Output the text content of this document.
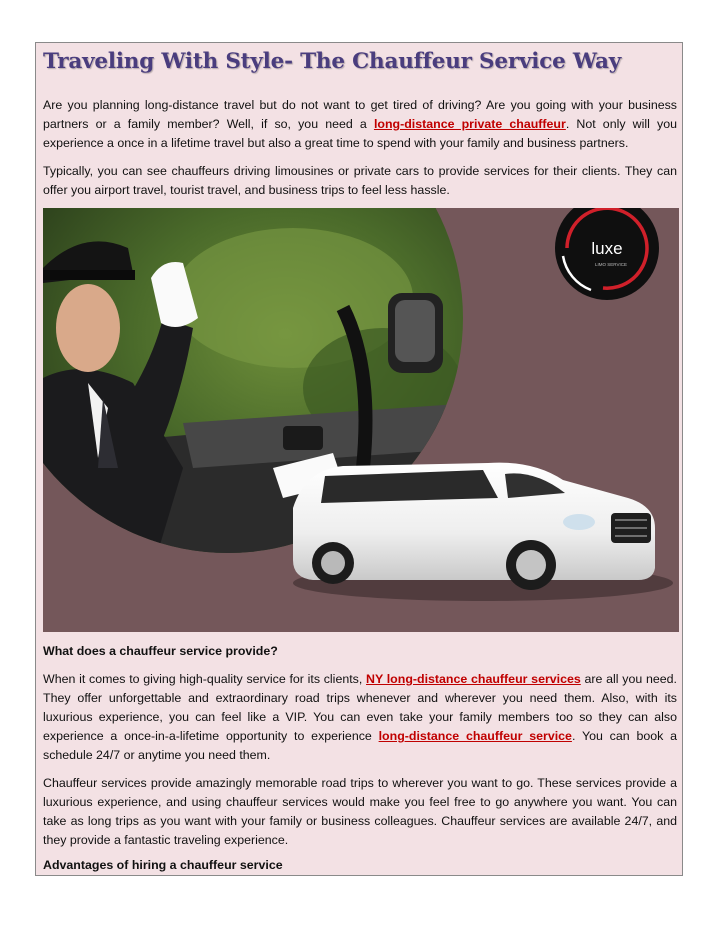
Traveling With Style- The Chauffeur Service Way

Are you planning long-distance travel but do not want to get tired of driving? Are you going with your business partners or a family member? Well, if so, you need a long-distance private chauffeur. Not only will you experience a once in a lifetime travel but also a great time to spend with your family and business partners.

Typically, you can see chauffeurs driving limousines or private cars to provide services for their clients. They can offer you airport travel, tourist travel, and business trips to feel less hassle.

luxe
LIMO SERVICE

What does a chauffeur service provide?

When it comes to giving high-quality service for its clients, NY long-distance chauffeur services are all you need. They offer unforgettable and extraordinary road trips whenever and wherever you need them. Also, with its luxurious experience, you can feel like a VIP. You can even take your family members too so they can also experience a once-in-a-lifetime opportunity to experience long-distance chauffeur service. You can book a schedule 24/7 or anytime you need them.

Chauffeur services provide amazingly memorable road trips to wherever you want to go. These services provide a luxurious experience, and using chauffeur services would make you feel free to go anywhere you want. You can take as long trips as you want with your family or business colleagues. Chauffeur services are available 24/7, and they provide a fantastic traveling experience.

Advantages of hiring a chauffeur service
